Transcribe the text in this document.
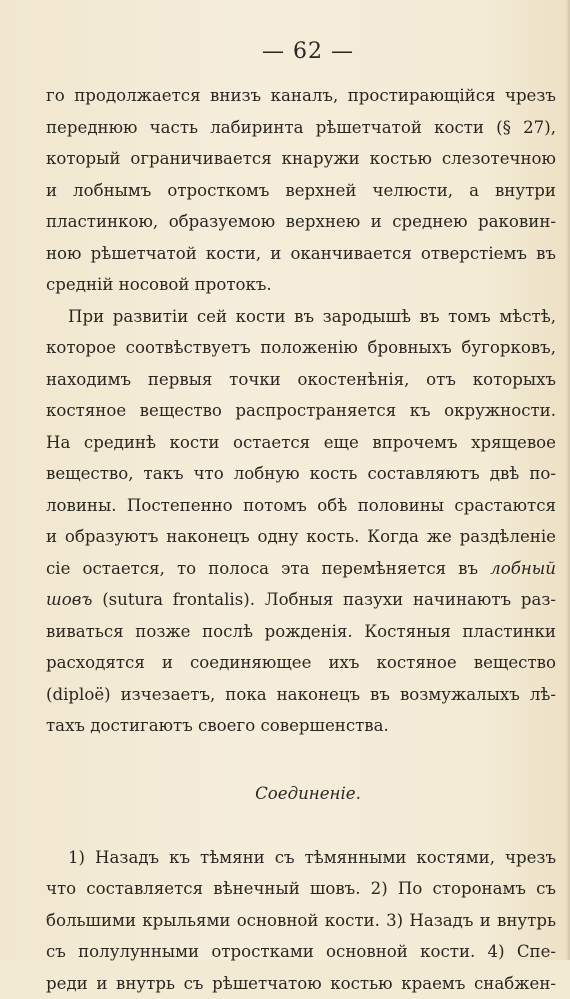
— 62 —
го продолжается внизъ каналъ, простирающійся чрезъ
переднюю часть лабиринта рѣшетчатой кости (§ 27),
который ограничивается кнаружи костью слезотечною
и лобнымъ отросткомъ верхней челюсти, а внутри
пластинкою, образуемою верхнею и среднею раковин-
ною рѣшетчатой кости, и оканчивается отверстіемъ въ
средній носовой протокъ.
При развитіи сей кости въ зародышѣ въ томъ мѣстѣ,
которое соотвѣствуетъ положенію бровныхъ бугорковъ,
находимъ первыя точки окостенѣнія, отъ которыхъ
костяное вещество распространяется къ окружности.
На срединѣ кости остается еще впрочемъ хрящевое
вещество, такъ что лобную кость составляютъ двѣ по-
ловины. Постепенно потомъ обѣ половины срастаются
и образуютъ наконецъ одну кость. Когда же раздѣленіе
сіе остается, то полоса эта перемѣняется въ лобный
шовъ (sutura frontalis). Лобныя пазухи начинаютъ раз-
виваться позже послѣ рожденія. Костяныя пластинки
расходятся и соединяющее ихъ костяное вещество
(diploë) изчезаетъ, пока наконецъ въ возмужалыхъ лѣ-
тахъ достигаютъ своего совершенства.
Соединеніе.
1) Назадъ къ тѣмяни съ тѣмянными костями, чрезъ
что составляется вѣнечный шовъ. 2) По сторонамъ съ
большими крыльями основной кости. 3) Назадъ и внутрь
съ полулунными отростками основной кости. 4) Спе-
реди и внутрь съ рѣшетчатою костью краемъ снабжен-
